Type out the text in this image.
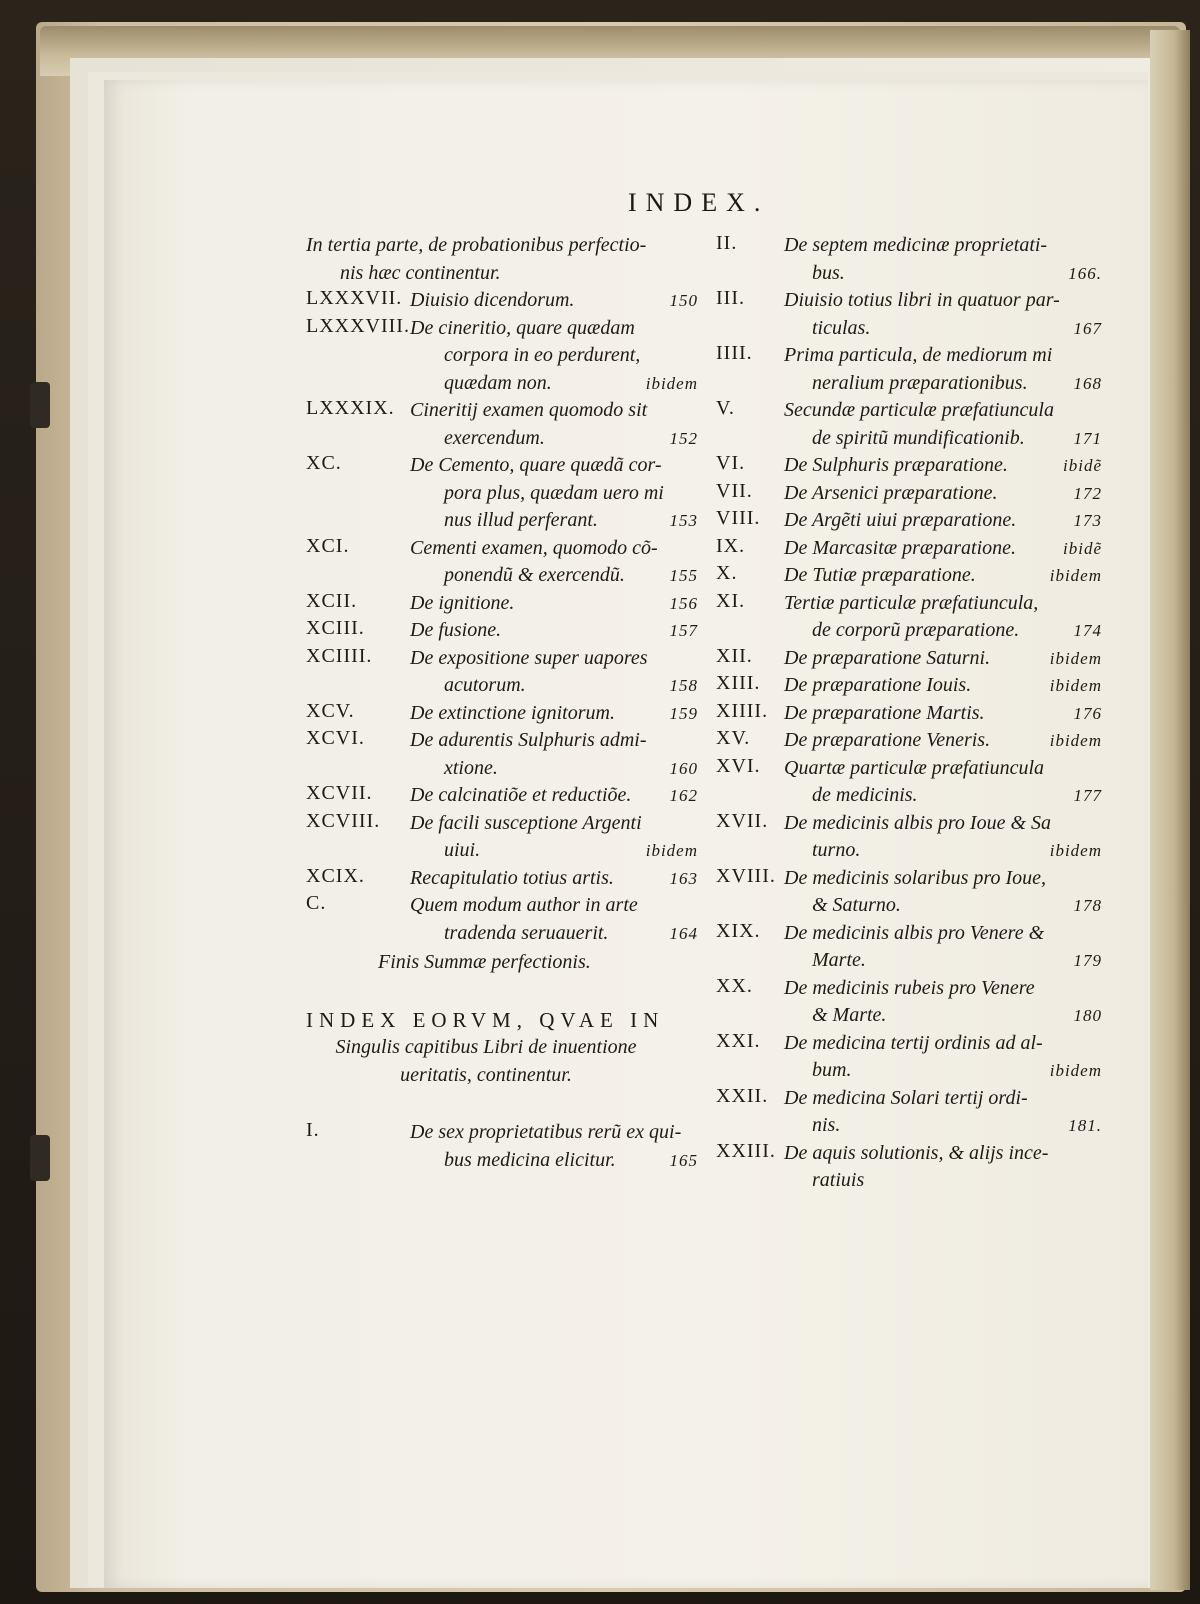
INDEX.
In tertia parte, de probationibus perfectio-
nis hæc continentur.
LXXXVII. Diuisio dicendorum.	150
LXXXVIII. De cineritio, quare quædam
corpora in eo perdurent,
quædam non.	ibidem
LXXXIX. Cineritij examen quomodo sit
exercendum.	152
XC.	De Cemento, quare quædã cor-
pora plus, quædam uero mi
nus illud perferant.	153
XCI.	Cementi examen, quomodo cõ-
ponendũ & exercendũ.	155
XCII.	De ignitione.	156
XCIII.	De fusione.	157
XCIIII.	De expositione super uapores
acutorum.	158
XCV.	De extinctione ignitorum.	159
XCVI.	De adurentis Sulphuris admi-
xtione.	160
XCVII.	De calcinatiõe et reductiõe. 162
XCVIII.	De facili susceptione Argenti
uiui.	ibidem
XCIX.	Recapitulatio totius artis.	163
C.	Quem modum author in arte
tradenda seruauerit.	164
Finis Summæ perfectionis.
INDEX EORVM, QVAE IN
Singulis capitibus Libri de inuentione
ueritatis, continentur.
I.	De sex proprietatibus rerũ ex qui-
bus medicina elicitur.	165
II.	De septem medicinæ proprietati-
bus.	166.
III.	Diuisio totius libri in quatuor par-
ticulas.	167
IIII.	Prima particula, de mediorum mi
neralium præparationibus.	168
V.	Secundæ particulæ præfatiuncula
de spiritũ mundificationib.	171
VI.	De Sulphuris præparatione.	ibidẽ
VII.	De Arsenici præparatione.	172
VIII.	De Argẽti uiui præparatione.	173
IX.	De Marcasitæ præparatione.	ibidẽ
X.	De Tutiæ præparatione.	ibidem
XI.	Tertiæ particulæ præfatiuncula,
de corporũ præparatione.	174
XII.	De præparatione Saturni.	ibidem
XIII.	De præparatione Iouis.	ibidem
XIIII. De præparatione Martis.	176
XV.	De præparatione Veneris.	ibidem
XVI.	Quartæ particulæ præfatiuncula
de medicinis.	177
XVII. De medicinis albis pro Ioue & Sa
turno.	ibidem
XVIII. De medicinis solaribus pro Ioue,
& Saturno.	178
XIX.	De medicinis albis pro Venere &
Marte.	179
XX.	De medicinis rubeis pro Venere
& Marte.	180
XXI.	De medicina tertij ordinis ad al-
bum.	ibidem
XXII. De medicina Solari tertij ordi-
nis.	181.
XXIII. De aquis solutionis, & alijs ince-
ratiuis
